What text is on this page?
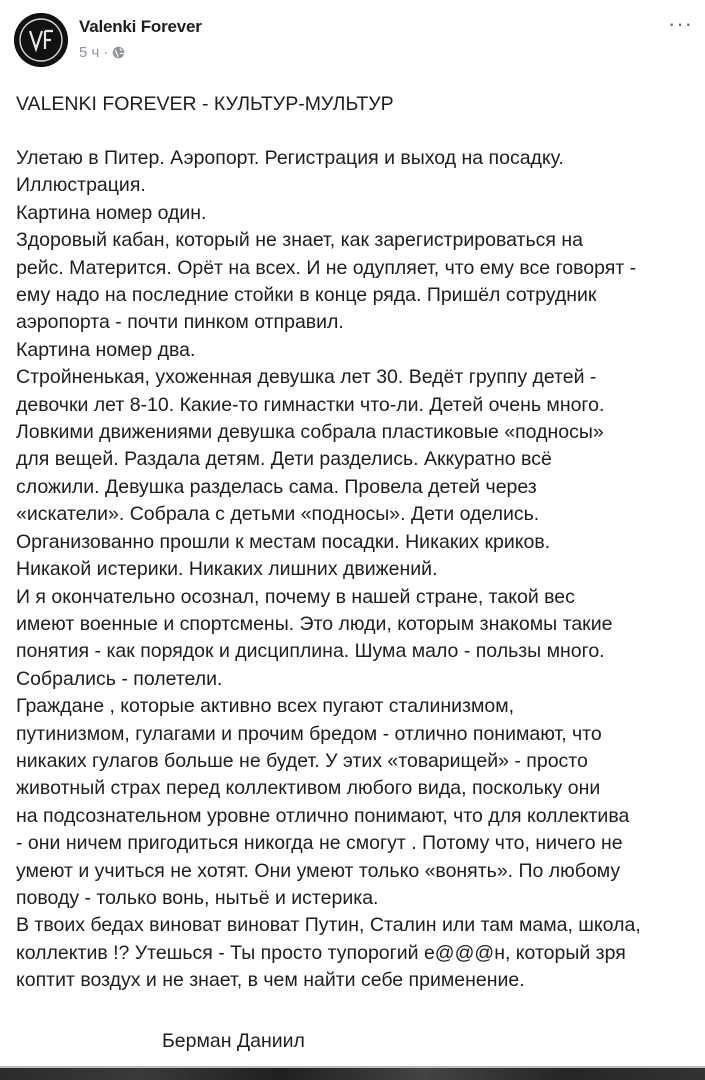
Valenki Forever
5 ч ·
···
VALENKI FOREVER - КУЛЬТУР-МУЛЬТУР
Улетаю в Питер. Аэропорт. Регистрация и выход на посадку.
Иллюстрация.
Картина номер один.
Здоровый кабан, который не знает, как зарегистрироваться на
рейс. Матерится. Орёт на всех. И не одупляет, что ему все говорят -
ему надо на последние стойки в конце ряда. Пришёл сотрудник
аэропорта - почти пинком отправил.
Картина номер два.
Стройненькая, ухоженная девушка лет 30. Ведёт группу детей -
девочки лет 8-10. Какие-то гимнастки что-ли. Детей очень много.
Ловкими движениями девушка собрала пластиковые «подносы»
для вещей. Раздала детям. Дети разделись. Аккуратно всё
сложили. Девушка разделась сама. Провела детей через
«искатели». Собрала с детьми «подносы». Дети оделись.
Организованно прошли к местам посадки. Никаких криков.
Никакой истерики. Никаких лишних движений.
И я окончательно осознал, почему в нашей стране, такой вес
имеют военные и спортсмены. Это люди, которым знакомы такие
понятия - как порядок и дисциплина. Шума мало - пользы много.
Собрались - полетели.
Граждане , которые активно всех пугают сталинизмом,
путинизмом, гулагами и прочим бредом - отлично понимают, что
никаких гулагов больше не будет. У этих «товарищей» - просто
животный страх перед коллективом любого вида, поскольку они
на подсознательном уровне отлично понимают, что для коллектива
- они ничем пригодиться никогда не смогут . Потому что, ничего не
умеют и учиться не хотят. Они умеют только «вонять». По любому
поводу - только вонь, нытьё и истерика.
В твоих бедах виноват виноват Путин, Сталин или там мама, школа,
коллектив !? Утешься - Ты просто тупорогий е@@@н, который зря
коптит воздух и не знает, в чем найти себе применение.
Берман Даниил
